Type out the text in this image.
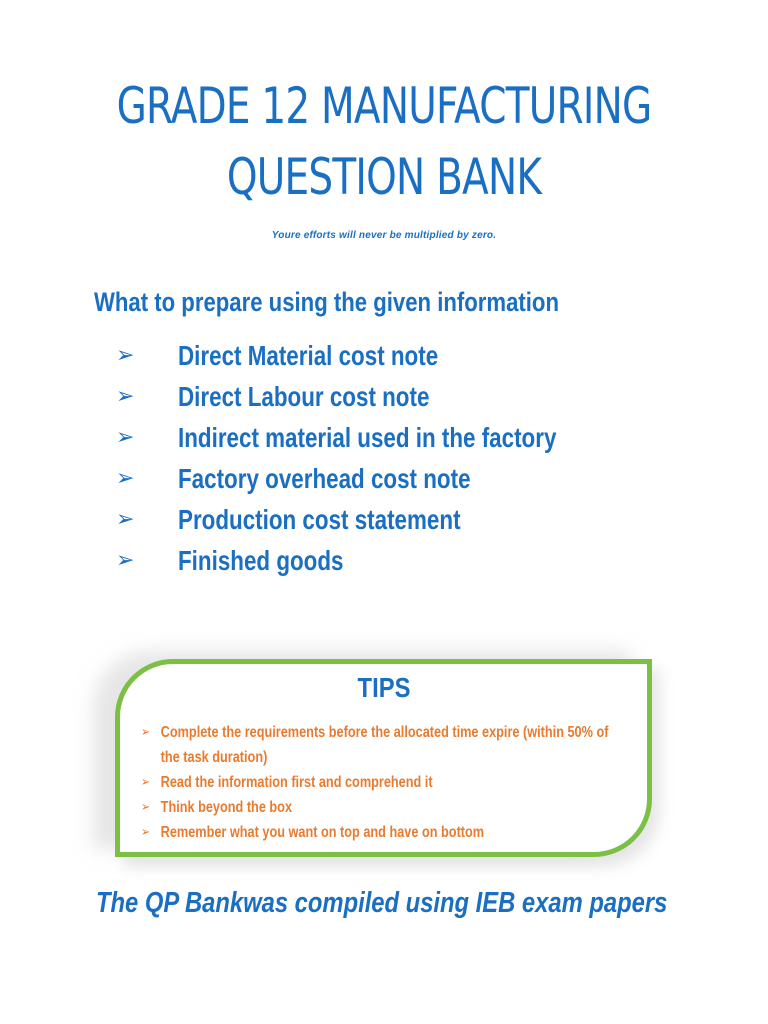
GRADE 12 MANUFACTURING
QUESTION BANK
Youre efforts will never be multiplied by zero.
What to prepare using the given information
➢ Direct Material cost note
➢ Direct Labour cost note
➢ Indirect material used in the factory
➢ Factory overhead cost note
➢ Production cost statement
➢ Finished goods
TIPS
➢ Complete the requirements before the allocated time expire (within 50% of
the task duration)
➢ Read the information first and comprehend it
➢ Think beyond the box
➢ Remember what you want on top and have on bottom
The QP Bankwas compiled using IEB exam papers
